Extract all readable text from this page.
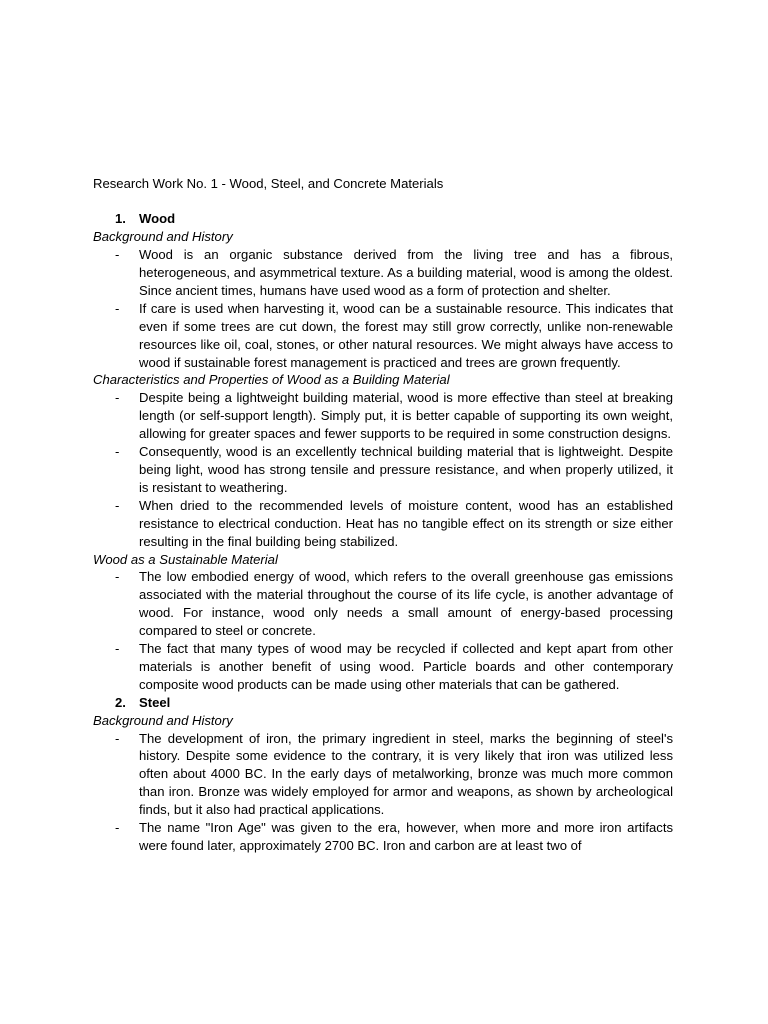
Research Work No. 1 - Wood, Steel, and Concrete Materials

1. Wood
Background and History
- Wood is an organic substance derived from the living tree and has a fibrous, heterogeneous, and asymmetrical texture. As a building material, wood is among the oldest. Since ancient times, humans have used wood as a form of protection and shelter.
- If care is used when harvesting it, wood can be a sustainable resource. This indicates that even if some trees are cut down, the forest may still grow correctly, unlike non-renewable resources like oil, coal, stones, or other natural resources. We might always have access to wood if sustainable forest management is practiced and trees are grown frequently.
Characteristics and Properties of Wood as a Building Material
- Despite being a lightweight building material, wood is more effective than steel at breaking length (or self-support length). Simply put, it is better capable of supporting its own weight, allowing for greater spaces and fewer supports to be required in some construction designs.
- Consequently, wood is an excellently technical building material that is lightweight. Despite being light, wood has strong tensile and pressure resistance, and when properly utilized, it is resistant to weathering.
- When dried to the recommended levels of moisture content, wood has an established resistance to electrical conduction. Heat has no tangible effect on its strength or size either resulting in the final building being stabilized.
Wood as a Sustainable Material
- The low embodied energy of wood, which refers to the overall greenhouse gas emissions associated with the material throughout the course of its life cycle, is another advantage of wood. For instance, wood only needs a small amount of energy-based processing compared to steel or concrete.
- The fact that many types of wood may be recycled if collected and kept apart from other materials is another benefit of using wood. Particle boards and other contemporary composite wood products can be made using other materials that can be gathered.
2. Steel
Background and History
- The development of iron, the primary ingredient in steel, marks the beginning of steel's history. Despite some evidence to the contrary, it is very likely that iron was utilized less often about 4000 BC. In the early days of metalworking, bronze was much more common than iron. Bronze was widely employed for armor and weapons, as shown by archeological finds, but it also had practical applications.
- The name "Iron Age" was given to the era, however, when more and more iron artifacts were found later, approximately 2700 BC. Iron and carbon are at least two of
